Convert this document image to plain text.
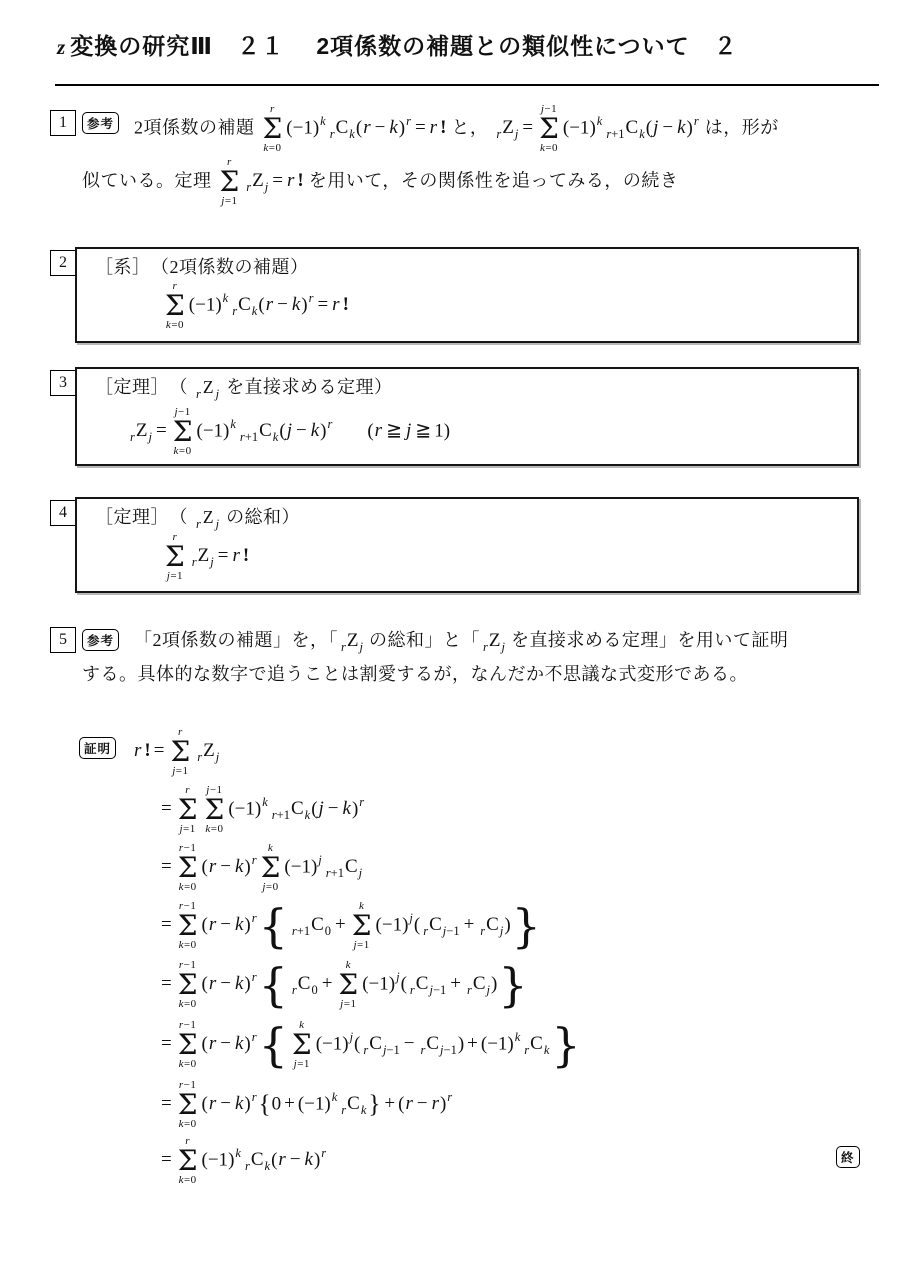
z 変換の研究Ⅲ　２１　 2項係数の補題との類似性について　２
1	参考 2項係数の補題
r
Σ
k=0
$(-1)^k_rC_k(r - k)^r = r$ ! と， $_rZ_j$ =
j−1
Σ
k=0
$(-1)^k_{r+1}C_k(j - k)^r$ は，形が
似ている。定理
r
Σ
j=1
$_rZ_j = r$ ! を用いて，その関係性を追ってみる，の続き
2	［系］　（2項係数の補題）
r
Σ
k=0
$(-1)^k_rC_k(r - k)^r = r$ !
3	［定理］　（ $_rZ_j$ を直接求める定理）
$_rZ_j$ =
j−1
Σ
k=0
$(-1)^k_{r+1}C_k(j - k)^r$ (r ≧ j ≧ 1)
4	［定理］　（ $_rZ_j$ の総和）
r
Σ
j=1
$_rZ_j = r$ !
5	参考 「2項係数の補題」を，「 $_rZ_j$ の総和」と「 $_rZ_j$ を直接求める定理」を用いて証明
する。具体的な数字で追うことは割愛するが，なんだか不思議な式変形である。
証明 r ! =
r
Σ
j=1
$_rZ_j$
=
r
Σ
j=1
j−1
Σ
k=0
$(-1)^k_{r+1}C_k(j - k)^r$
=
r−1
Σ
k=0
$(r - k)^r$
k
Σ
j=0
$(-1)^j_{r+1}C_j$
=
r−1
Σ
k=0
$(r - k)^r${ $_{r+1}C_0$ +
k
Σ
j=1
$(-1)^j$( $_rC_{j-1} + _rC_j$)}
=
r−1
Σ
k=0
$(r - k)^r${ $_rC_0$ +
k
Σ
j=1
$(-1)^j$( $_rC_{j-1} + _rC_j$)}
=
r−1
Σ
k=0
$(r - k)^r${ k
Σ
j=1
$(-1)^j$( $_rC_{j-1} - _rC_{j-1}) + (-1)^k_rC_k$}
=
r−1
Σ
k=0
$(r - k)^r\{0 + (-1)^k_rC_k\} + (r - r)^r$
=
r
Σ
k=0
$(-1)^k_rC_k(r - k)^r$	終
